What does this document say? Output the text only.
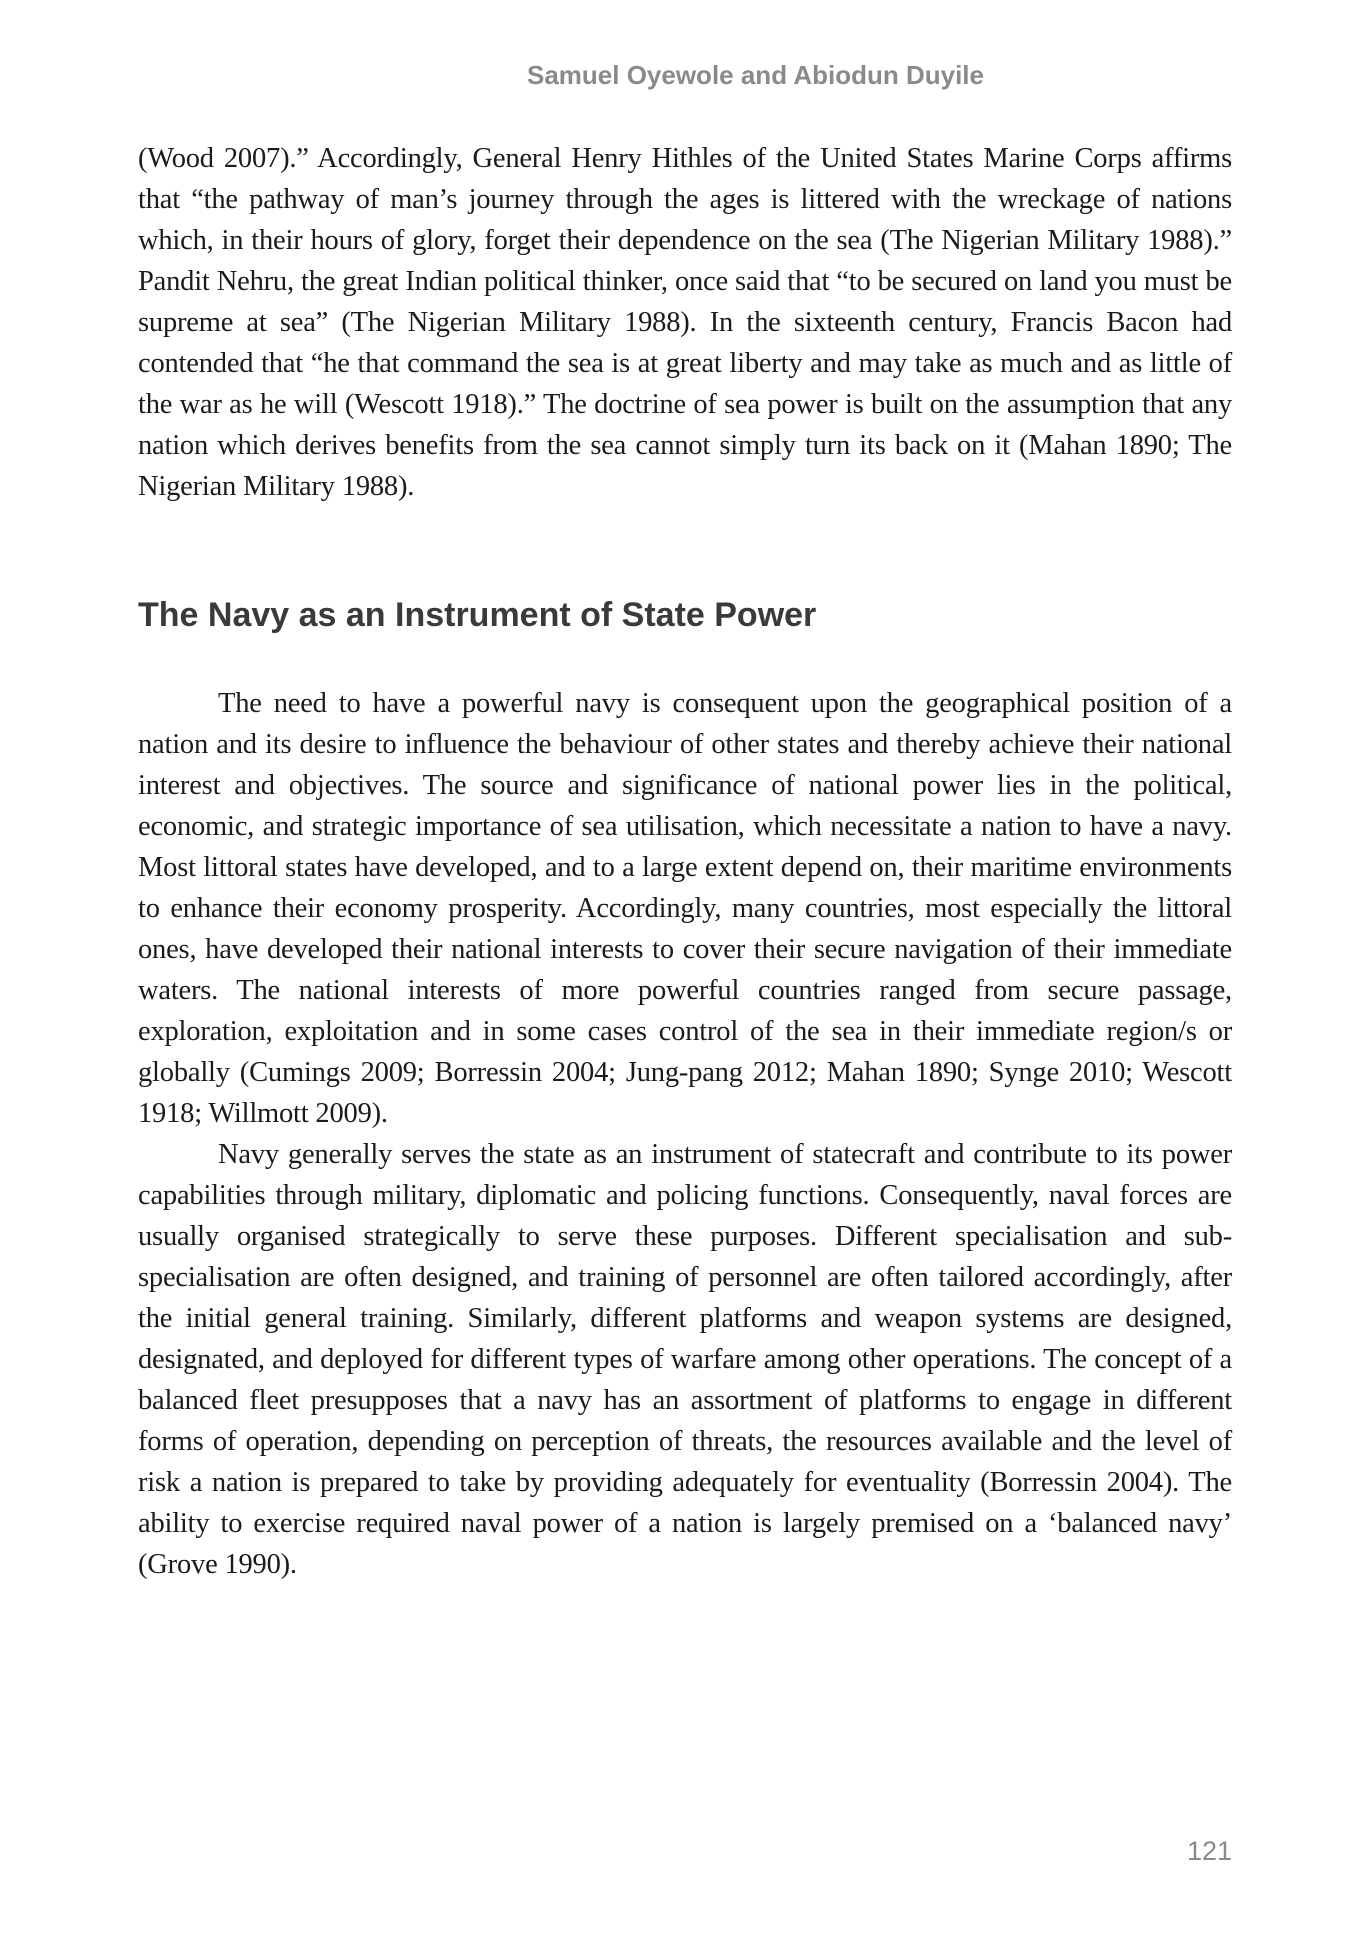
Samuel Oyewole and Abiodun Duyile

(Wood 2007).” Accordingly, General Henry Hithles of the United States Marine Corps affirms that “the pathway of man’s journey through the ages is littered with the wreckage of nations which, in their hours of glory, forget their dependence on the sea (The Nigerian Military 1988).” Pandit Nehru, the great Indian political thinker, once said that “to be secured on land you must be supreme at sea” (The Nigerian Military 1988). In the sixteenth century, Francis Bacon had contended that “he that command the sea is at great liberty and may take as much and as little of the war as he will (Wescott 1918).” The doctrine of sea power is built on the assumption that any nation which derives benefits from the sea cannot simply turn its back on it (Mahan 1890; The Nigerian Military 1988).

The Navy as an Instrument of State Power

The need to have a powerful navy is consequent upon the geographical position of a nation and its desire to influence the behaviour of other states and thereby achieve their national interest and objectives. The source and significance of national power lies in the political, economic, and strategic importance of sea utilisation, which necessitate a nation to have a navy. Most littoral states have developed, and to a large extent depend on, their maritime environments to enhance their economy prosperity. Accordingly, many countries, most especially the littoral ones, have developed their national interests to cover their secure navigation of their immediate waters. The national interests of more powerful countries ranged from secure passage, exploration, exploitation and in some cases control of the sea in their immediate region/s or globally (Cumings 2009; Borressin 2004; Jung-pang 2012; Mahan 1890; Synge 2010; Wescott 1918; Willmott 2009).

Navy generally serves the state as an instrument of statecraft and contribute to its power capabilities through military, diplomatic and policing functions. Consequently, naval forces are usually organised strategically to serve these purposes. Different specialisation and sub-specialisation are often designed, and training of personnel are often tailored accordingly, after the initial general training. Similarly, different platforms and weapon systems are designed, designated, and deployed for different types of warfare among other operations. The concept of a balanced fleet presupposes that a navy has an assortment of platforms to engage in different forms of operation, depending on perception of threats, the resources available and the level of risk a nation is prepared to take by providing adequately for eventuality (Borressin 2004). The ability to exercise required naval power of a nation is largely premised on a ‘balanced navy’ (Grove 1990).

121
